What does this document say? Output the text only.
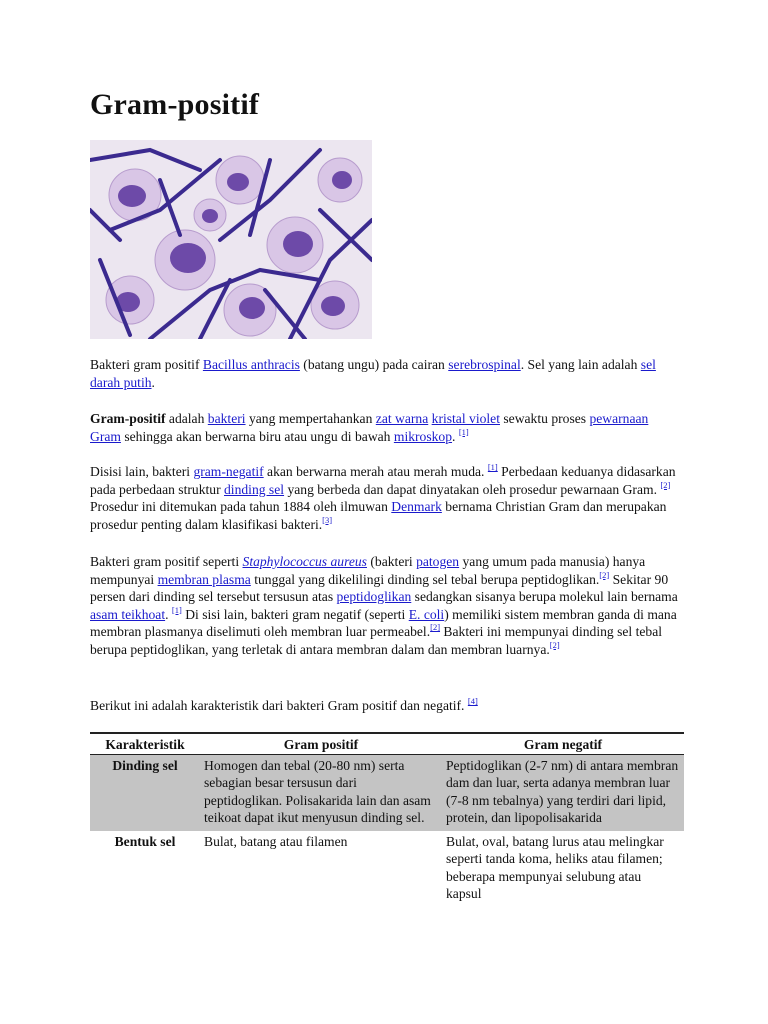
Gram-positif

Bakteri gram positif Bacillus anthracis (batang ungu) pada cairan serebrospinal. Sel yang lain adalah sel darah putih.

Gram-positif adalah bakteri yang mempertahankan zat warna kristal violet sewaktu proses pewarnaan Gram sehingga akan berwarna biru atau ungu di bawah mikroskop. [1]

Disisi lain, bakteri gram-negatif akan berwarna merah atau merah muda. [1] Perbedaan keduanya didasarkan pada perbedaan struktur dinding sel yang berbeda dan dapat dinyatakan oleh prosedur pewarnaan Gram. [2] Prosedur ini ditemukan pada tahun 1884 oleh ilmuwan Denmark bernama Christian Gram dan merupakan prosedur penting dalam klasifikasi bakteri.[3]

Bakteri gram positif seperti Staphylococcus aureus (bakteri patogen yang umum pada manusia) hanya mempunyai membran plasma tunggal yang dikelilingi dinding sel tebal berupa peptidoglikan.[2] Sekitar 90 persen dari dinding sel tersebut tersusun atas peptidoglikan sedangkan sisanya berupa molekul lain bernama asam teikhoat. [1] Di sisi lain, bakteri gram negatif (seperti E. coli) memiliki sistem membran ganda di mana membran plasmanya diselimuti oleh membran luar permeabel.[2] Bakteri ini mempunyai dinding sel tebal berupa peptidoglikan, yang terletak di antara membran dalam dan membran luarnya.[2]

Berikut ini adalah karakteristik dari bakteri Gram positif dan negatif. [4]

Karakteristik	Gram positif	Gram negatif
Dinding sel	Homogen dan tebal (20-80 nm) serta sebagian besar tersusun dari peptidoglikan. Polisakarida lain dan asam teikoat dapat ikut menyusun dinding sel.	Peptidoglikan (2-7 nm) di antara membran dam dan luar, serta adanya membran luar (7-8 nm tebalnya) yang terdiri dari lipid, protein, dan lipopolisakarida
Bentuk sel	Bulat, batang atau filamen	Bulat, oval, batang lurus atau melingkar seperti tanda koma, heliks atau filamen; beberapa mempunyai selubung atau kapsul
